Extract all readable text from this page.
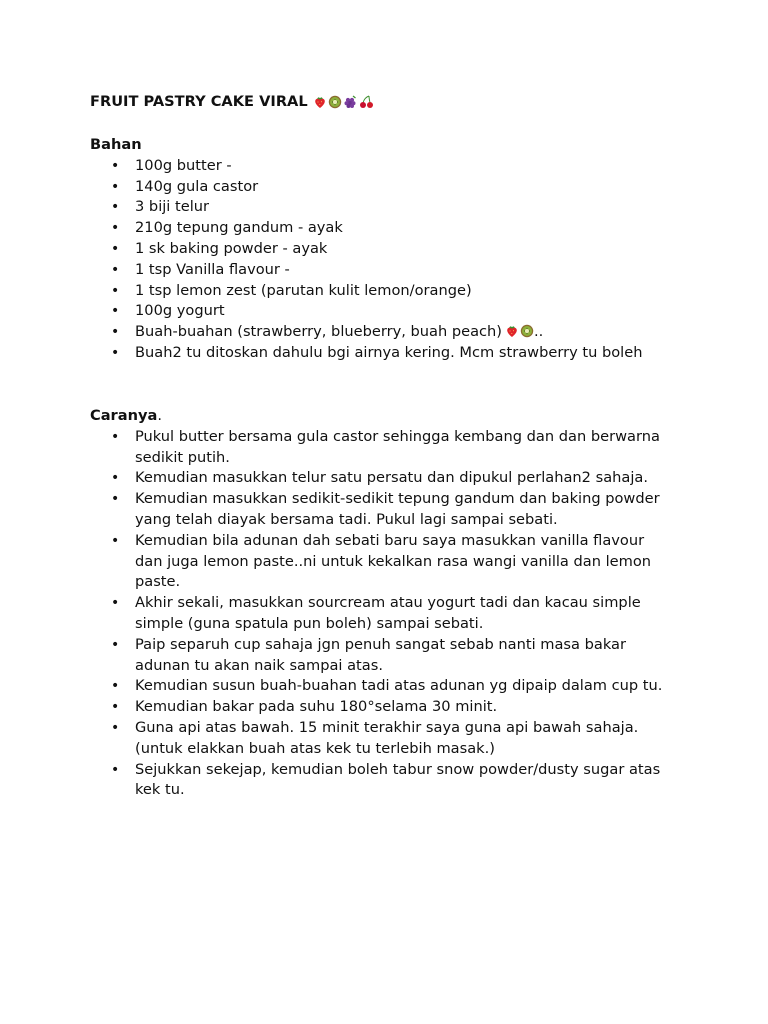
FRUIT PASTRY CAKE VIRAL
Bahan
• 100g butter -
• 140g gula castor
• 3 biji telur
• 210g tepung gandum - ayak
• 1 sk baking powder - ayak
• 1 tsp Vanilla flavour -
• 1 tsp lemon zest (parutan kulit lemon/orange)
• 100g yogurt
• Buah-buahan (strawberry, blueberry, buah peach) ..
• Buah2 tu ditoskan dahulu bgi airnya kering. Mcm strawberry tu boleh
Caranya.
• Pukul butter bersama gula castor sehingga kembang dan dan berwarna sedikit putih.
• Kemudian masukkan telur satu persatu dan dipukul perlahan2 sahaja.
• Kemudian masukkan sedikit-sedikit tepung gandum dan baking powder yang telah diayak bersama tadi. Pukul lagi sampai sebati.
• Kemudian bila adunan dah sebati baru saya masukkan vanilla flavour dan juga lemon paste..ni untuk kekalkan rasa wangi vanilla dan lemon paste.
• Akhir sekali, masukkan sourcream atau yogurt tadi dan kacau simple simple (guna spatula pun boleh) sampai sebati.
• Paip separuh cup sahaja jgn penuh sangat sebab nanti masa bakar adunan tu akan naik sampai atas.
• Kemudian susun buah-buahan tadi atas adunan yg dipaip dalam cup tu.
• Kemudian bakar pada suhu 180°selama 30 minit.
• Guna api atas bawah. 15 minit terakhir saya guna api bawah sahaja. (untuk elakkan buah atas kek tu terlebih masak.)
• Sejukkan sekejap, kemudian boleh tabur snow powder/dusty sugar atas kek tu.
